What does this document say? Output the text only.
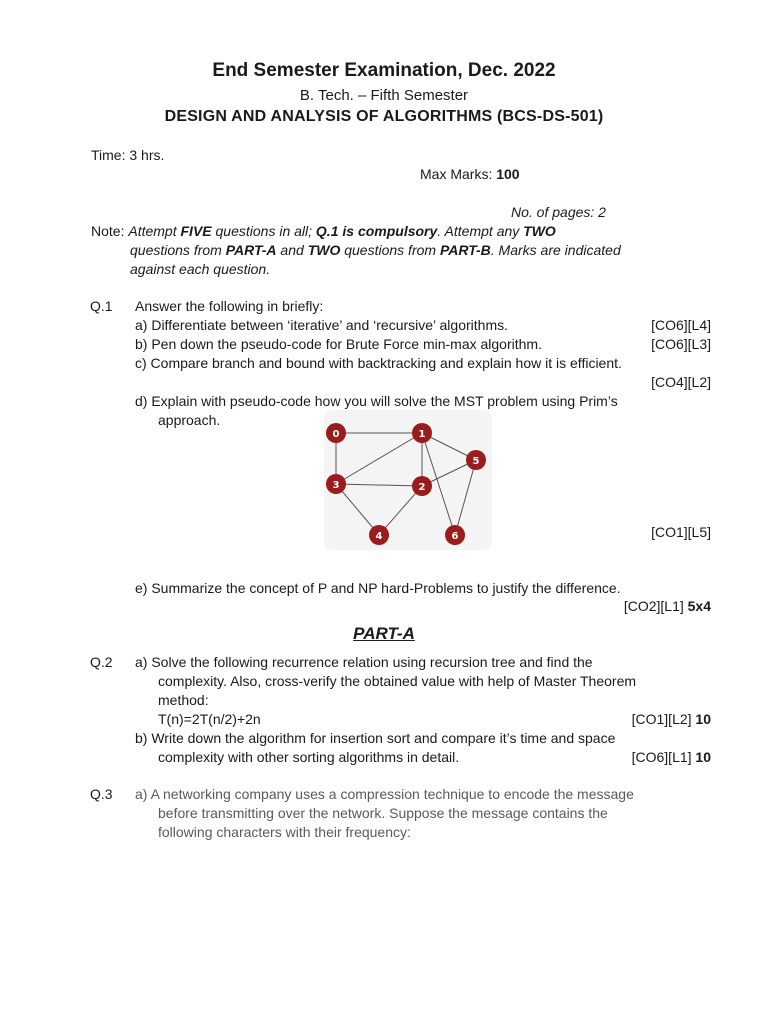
End Semester Examination, Dec. 2022
B. Tech. – Fifth Semester
DESIGN AND ANALYSIS OF ALGORITHMS (BCS-DS-501)
Time: 3 hrs.
Max Marks: 100
No. of pages: 2
Note: Attempt FIVE questions in all; Q.1 is compulsory. Attempt any TWO
questions from PART-A and TWO questions from PART-B. Marks are indicated
against each question.
Q.1 Answer the following in briefly:
a) Differentiate between ‘iterative’ and ‘recursive’ algorithms.	[CO6][L4]
b) Pen down the pseudo-code for Brute Force min-max algorithm.	[CO6][L3]
c) Compare branch and bound with backtracking and explain how it is efficient.
[CO4][L2]
d) Explain with pseudo-code how you will solve the MST problem using Prim’s
approach.
0	1
2
3
4
5
6	[CO1][L5]
e) Summarize the concept of P and NP hard-Problems to justify the difference.
[CO2][L1] 5x4
PART-A
Q.2 a) Solve the following recurrence relation using recursion tree and find the
complexity. Also, cross-verify the obtained value with help of Master Theorem
method:
T(n)=2T(n/2)+2n	[CO1][L2] 10
b) Write down the algorithm for insertion sort and compare it’s time and space
complexity with other sorting algorithms in detail.	[CO6][L1] 10
Q.3 a) A networking company uses a compression technique to encode the message
before transmitting over the network. Suppose the message contains the
following characters with their frequency:
